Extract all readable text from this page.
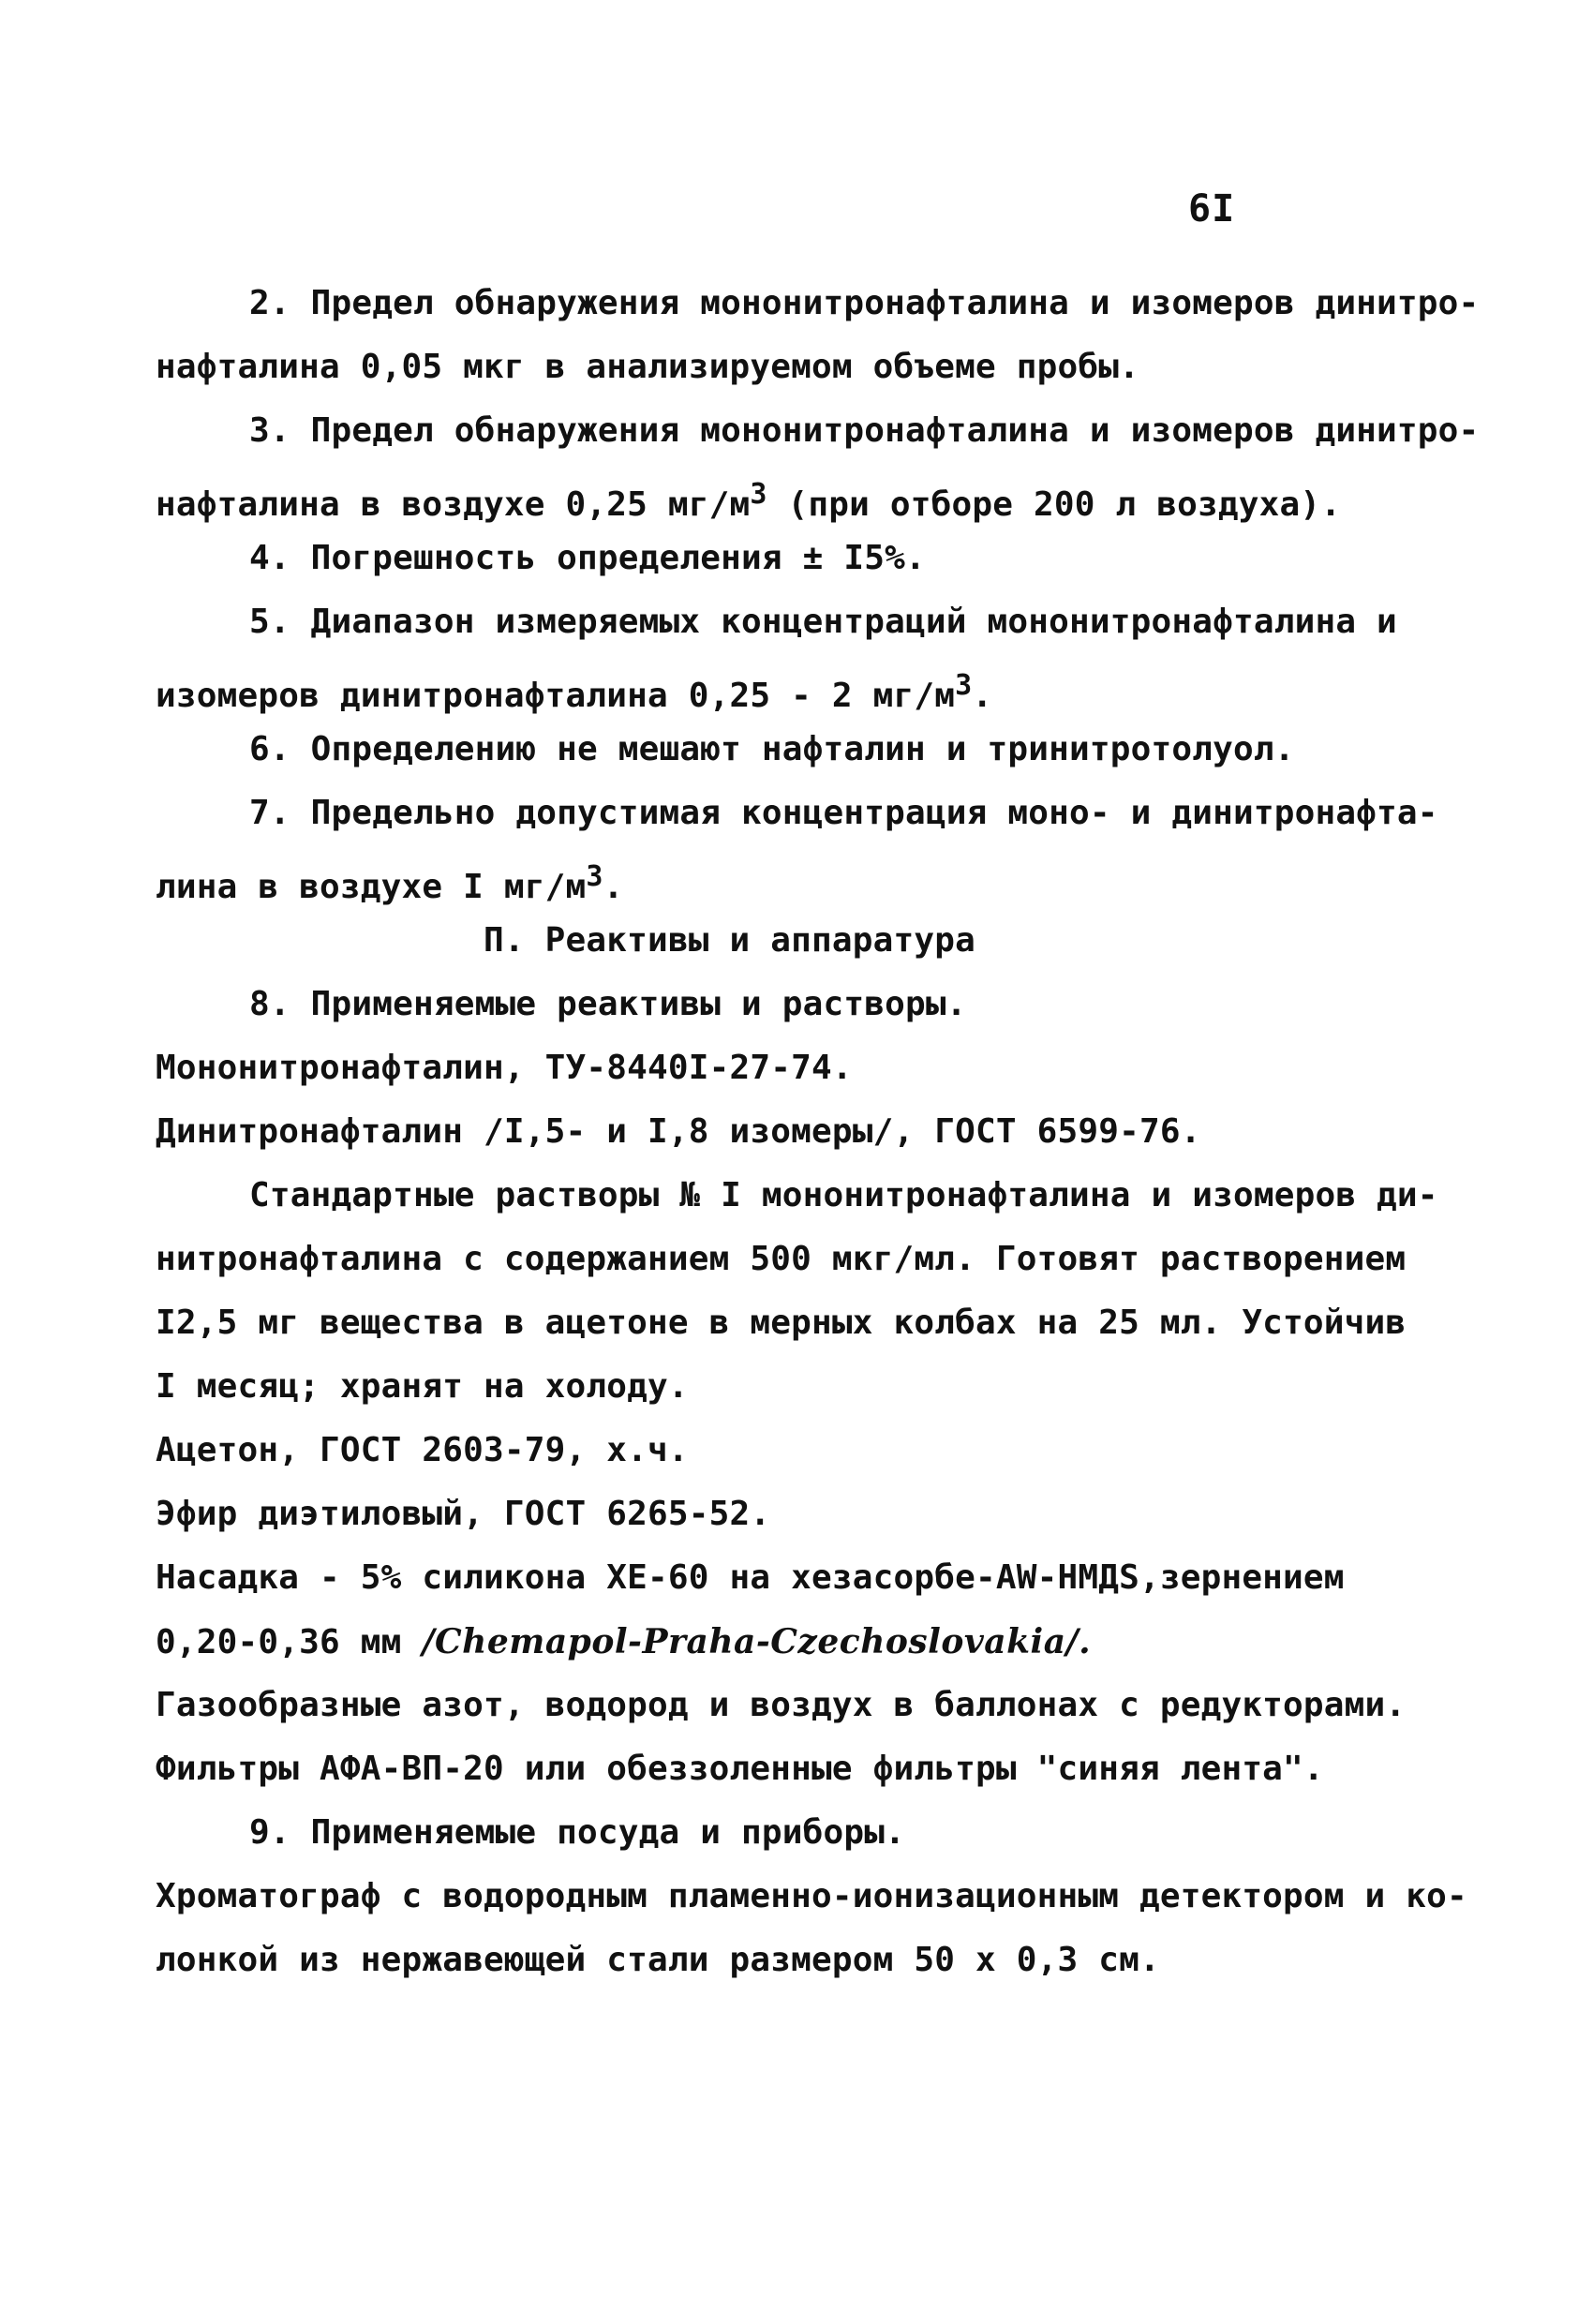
6I
2. Предел обнаружения мононитронафталина и изомеров динитро-
нафталина 0,05 мкг в анализируемом объеме пробы.
3. Предел обнаружения мононитронафталина и изомеров динитро-
нафталина в воздухе 0,25 $мг/м^3$ (при отборе 200 л воздуха).
4. Погрешность определения ± I5%.
5. Диапазон измеряемых концентраций мононитронафталина и
изомеров динитронафталина 0,25 - 2 $мг/м^3$.
6. Определению не мешают нафталин и тринитротолуол.
7. Предельно допустимая концентрация моно- и динитронафта-
лина в воздухе I $мг/м^3$.
П. Реактивы и аппаратура
8. Применяемые реактивы и растворы.
Мононитронафталин, ТУ-8440I-27-74.
Динитронафталин /I,5- и I,8 изомеры/, ГОСТ 6599-76.
Стандартные растворы № I мононитронафталина и изомеров ди-
нитронафталина с содержанием 500 мкг/мл. Готовят растворением
I2,5 мг вещества в ацетоне в мерных колбах на 25 мл. Устойчив
I месяц; хранят на холоду.
Ацетон, ГОСТ 2603-79, х.ч.
Эфир диэтиловый, ГОСТ 6265-52.
Насадка - 5% силикона ХЕ-60 на хезасорбе-AW-НМДS,зернением
0,20-0,36 мм /Chemapol-Praha-Czechoslovakia/.
Газообразные азот, водород и воздух в баллонах с редукторами.
Фильтры АФА-ВП-20 или обеззоленные фильтры "синяя лента".
9. Применяемые посуда и приборы.
Хроматограф с водородным пламенно-ионизационным детектором и ко-
лонкой из нержавеющей стали размером 50 х 0,3 см.
